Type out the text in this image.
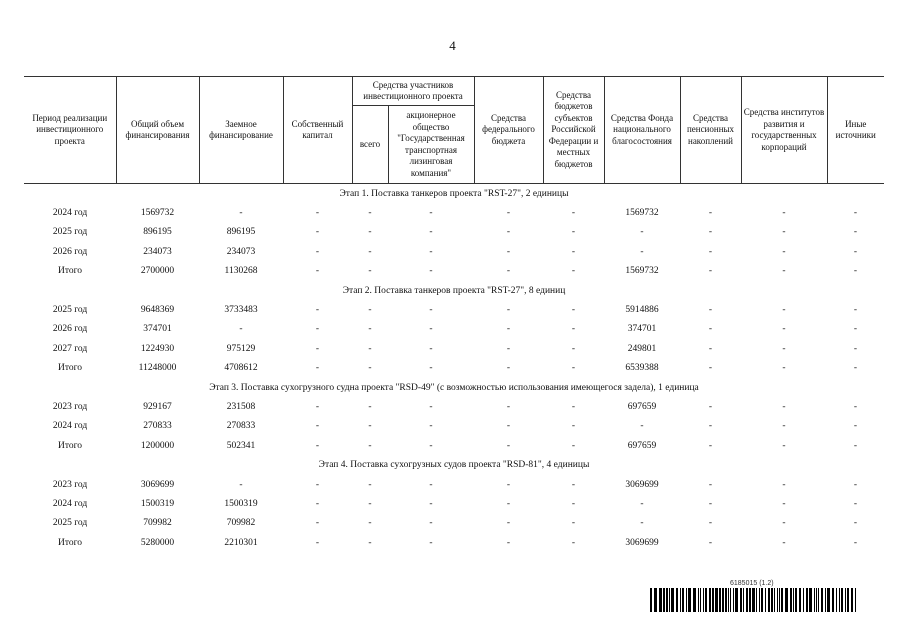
4
Период реализации инвестиционного проекта	Общий объем финансирования	Заемное финансирование	Собственный капитал	Средства участников инвестиционного проекта		Средства федерального бюджета	Средства бюджетов субъектов Российской Федерации и местных бюджетов	Средства Фонда национального благосостояния	Средства пенсионных накоплений	Средства институтов развития и государственных корпораций	Иные источники
				всего	акционерное общество "Государственная транспортная лизинговая компания"						
Этап 1. Поставка танкеров проекта "RST-27", 2 единицы											
2024 год	1569732	-	-	-	-	-	-	1569732	-	-	-
2025 год	896195	896195	-	-	-	-	-	-	-	-	-
2026 год	234073	234073	-	-	-	-	-	-	-	-	-
Итого	2700000	1130268	-	-	-	-	-	1569732	-	-	-
Этап 2. Поставка танкеров проекта "RST-27", 8 единиц											
2025 год	9648369	3733483	-	-	-	-	-	5914886	-	-	-
2026 год	374701	-	-	-	-	-	-	374701	-	-	-
2027 год	1224930	975129	-	-	-	-	-	249801	-	-	-
Итого	11248000	4708612	-	-	-	-	-	6539388	-	-	-
Этап 3. Поставка сухогрузного судна проекта "RSD-49" (с возможностью использования имеющегося задела), 1 единица											
2023 год	929167	231508	-	-	-	-	-	697659	-	-	-
2024 год	270833	270833	-	-	-	-	-	-	-	-	-
Итого	1200000	502341	-	-	-	-	-	697659	-	-	-
Этап 4. Поставка сухогрузных судов проекта "RSD-81", 4 единицы											
2023 год	3069699	-	-	-	-	-	-	3069699	-	-	-
2024 год	1500319	1500319	-	-	-	-	-	-	-	-	-
2025 год	709982	709982	-	-	-	-	-	-	-	-	-
Итого	5280000	2210301	-	-	-	-	-	3069699	-	-	-
6185015 (1.2)
